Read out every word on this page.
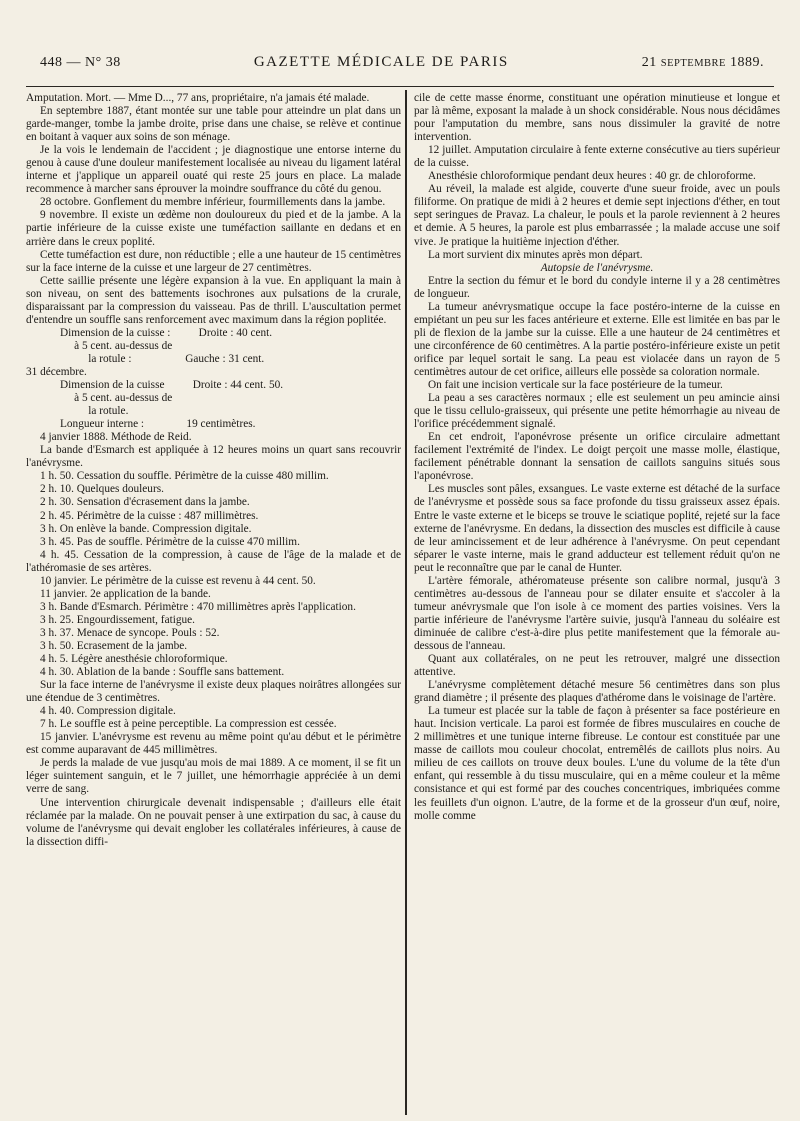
448 — N° 38	GAZETTE MÉDICALE DE PARIS	21 SEPTEMBRE 1889.

Amputation. Mort. — Mme D..., 77 ans, propriétaire, n'a jamais été malade.

En septembre 1887, étant montée sur une table pour atteindre un plat dans un garde-manger, tombe la jambe droite, prise dans une chaise, se relève et continue en boitant à vaquer aux soins de son ménage.

Je la vois le lendemain de l'accident ; je diagnostique une entorse interne du genou à cause d'une douleur manifestement localisée au niveau du ligament latéral interne et j'applique un appareil ouaté qui reste 25 jours en place. La malade recommence à marcher sans éprouver la moindre souffrance du côté du genou.

28 octobre. Gonflement du membre inférieur, fourmillements dans la jambe.

9 novembre. Il existe un œdème non douloureux du pied et de la jambe. A la partie inférieure de la cuisse existe une tuméfaction saillante en dedans et en arrière dans le creux poplité.

Cette tuméfaction est dure, non réductible ; elle a une hauteur de 15 centimètres sur la face interne de la cuisse et une largeur de 27 centimètres.

Cette saillie présente une légère expansion à la vue. En appliquant la main à son niveau, on sent des battements isochrones aux pulsations de la crurale, disparaissant par la compression du vaisseau. Pas de thrill. L'auscultation permet d'entendre un souffle sans renforcement avec maximum dans la région poplitée.

Dimension de la cuisse :          Droite : 40 cent.

à 5 cent. au-dessus de

la rotule :                   Gauche : 31 cent.

31 décembre.

Dimension de la cuisse          Droite : 44 cent. 50.

à 5 cent. au-dessus de

la rotule.

Longueur interne :               19 centimètres.

4 janvier 1888. Méthode de Reid.

La bande d'Esmarch est appliquée à 12 heures moins un quart sans recouvrir l'anévrysme.

1 h. 50. Cessation du souffle. Périmètre de la cuisse 480 millim.

2 h. 10. Quelques douleurs.

2 h. 30. Sensation d'écrasement dans la jambe.

2 h. 45. Périmètre de la cuisse : 487 millimètres.

3 h. On enlève la bande. Compression digitale.

3 h. 45. Pas de souffle. Périmètre de la cuisse 470 millim.

4 h. 45. Cessation de la compression, à cause de l'âge de la malade et de l'athéromasie de ses artères.

10 janvier. Le périmètre de la cuisse est revenu à 44 cent. 50.

11 janvier. 2e application de la bande.

3 h. Bande d'Esmarch. Périmètre : 470 millimètres après l'application.

3 h. 25. Engourdissement, fatigue.

3 h. 37. Menace de syncope. Pouls : 52.

3 h. 50. Ecrasement de la jambe.

4 h. 5. Légère anesthésie chloroformique.

4 h. 30. Ablation de la bande : Souffle sans battement.

Sur la face interne de l'anévrysme il existe deux plaques noirâtres allongées sur une étendue de 3 centimètres.

4 h. 40. Compression digitale.

7 h. Le souffle est à peine perceptible. La compression est cessée.

15 janvier. L'anévrysme est revenu au même point qu'au début et le périmètre est comme auparavant de 445 millimètres.

Je perds la malade de vue jusqu'au mois de mai 1889. A ce moment, il se fit un léger suintement sanguin, et le 7 juillet, une hémorrhagie appréciée à un demi verre de sang.

Une intervention chirurgicale devenait indispensable ; d'ailleurs elle était réclamée par la malade. On ne pouvait penser à une extirpation du sac, à cause du volume de l'anévrysme qui devait englober les collatérales inférieures, à cause de la dissection diffi-

cile de cette masse énorme, constituant une opération minutieuse et longue et par là même, exposant la malade à un shock considérable. Nous nous décidâmes pour l'amputation du membre, sans nous dissimuler la gravité de notre intervention.

12 juillet. Amputation circulaire à fente externe consécutive au tiers supérieur de la cuisse.

Anesthésie chloroformique pendant deux heures : 40 gr. de chloroforme.

Au réveil, la malade est algide, couverte d'une sueur froide, avec un pouls filiforme. On pratique de midi à 2 heures et demie sept injections d'éther, en tout sept seringues de Pravaz. La chaleur, le pouls et la parole reviennent à 2 heures et demie. A 5 heures, la parole est plus embarrassée ; la malade accuse une soif vive. Je pratique la huitième injection d'éther.

La mort survient dix minutes après mon départ.

Autopsie de l'anévrysme.

Entre la section du fémur et le bord du condyle interne il y a 28 centimètres de longueur.

La tumeur anévrysmatique occupe la face postéro-interne de la cuisse en empiétant un peu sur les faces antérieure et externe. Elle est limitée en bas par le pli de flexion de la jambe sur la cuisse. Elle a une hauteur de 24 centimètres et une circonférence de 60 centimètres. A la partie postéro-inférieure existe un petit orifice par lequel sortait le sang. La peau est violacée dans un rayon de 5 centimètres autour de cet orifice, ailleurs elle possède sa coloration normale.

On fait une incision verticale sur la face postérieure de la tumeur.

La peau a ses caractères normaux ; elle est seulement un peu amincie ainsi que le tissu cellulo-graisseux, qui présente une petite hémorrhagie au niveau de l'orifice précédemment signalé.

En cet endroit, l'aponévrose présente un orifice circulaire admettant facilement l'extrémité de l'index. Le doigt perçoit une masse molle, élastique, facilement pénétrable donnant la sensation de caillots sanguins situés sous l'aponévrose.

Les muscles sont pâles, exsangues. Le vaste externe est détaché de la surface de l'anévrysme et possède sous sa face profonde du tissu graisseux assez épais. Entre le vaste externe et le biceps se trouve le sciatique poplité, rejeté sur la face externe de l'anévrysme. En dedans, la dissection des muscles est difficile à cause de leur amincissement et de leur adhérence à l'anévrysme. On peut cependant séparer le vaste interne, mais le grand adducteur est tellement réduit qu'on ne peut le reconnaître que par le canal de Hunter.

L'artère fémorale, athéromateuse présente son calibre normal, jusqu'à 3 centimètres au-dessous de l'anneau pour se dilater ensuite et s'accoler à la tumeur anévrysmale que l'on isole à ce moment des parties voisines. Vers la partie inférieure de l'anévrysme l'artère suivie, jusqu'à l'anneau du soléaire est diminuée de calibre c'est-à-dire plus petite manifestement que la fémorale au-dessous de l'anneau.

Quant aux collatérales, on ne peut les retrouver, malgré une dissection attentive.

L'anévrysme complètement détaché mesure 56 centimètres dans son plus grand diamètre ; il présente des plaques d'athérome dans le voisinage de l'artère.

La tumeur est placée sur la table de façon à présenter sa face postérieure en haut. Incision verticale. La paroi est formée de fibres musculaires en couche de 2 millimètres et une tunique interne fibreuse. Le contour est constituée par une masse de caillots mou couleur chocolat, entremêlés de caillots plus noirs. Au milieu de ces caillots on trouve deux boules. L'une du volume de la tête d'un enfant, qui ressemble à du tissu musculaire, qui en a même couleur et la même consistance et qui est formé par des couches concentriques, imbriquées comme les feuillets d'un oignon. L'autre, de la forme et de la grosseur d'un œuf, noire, molle comme
